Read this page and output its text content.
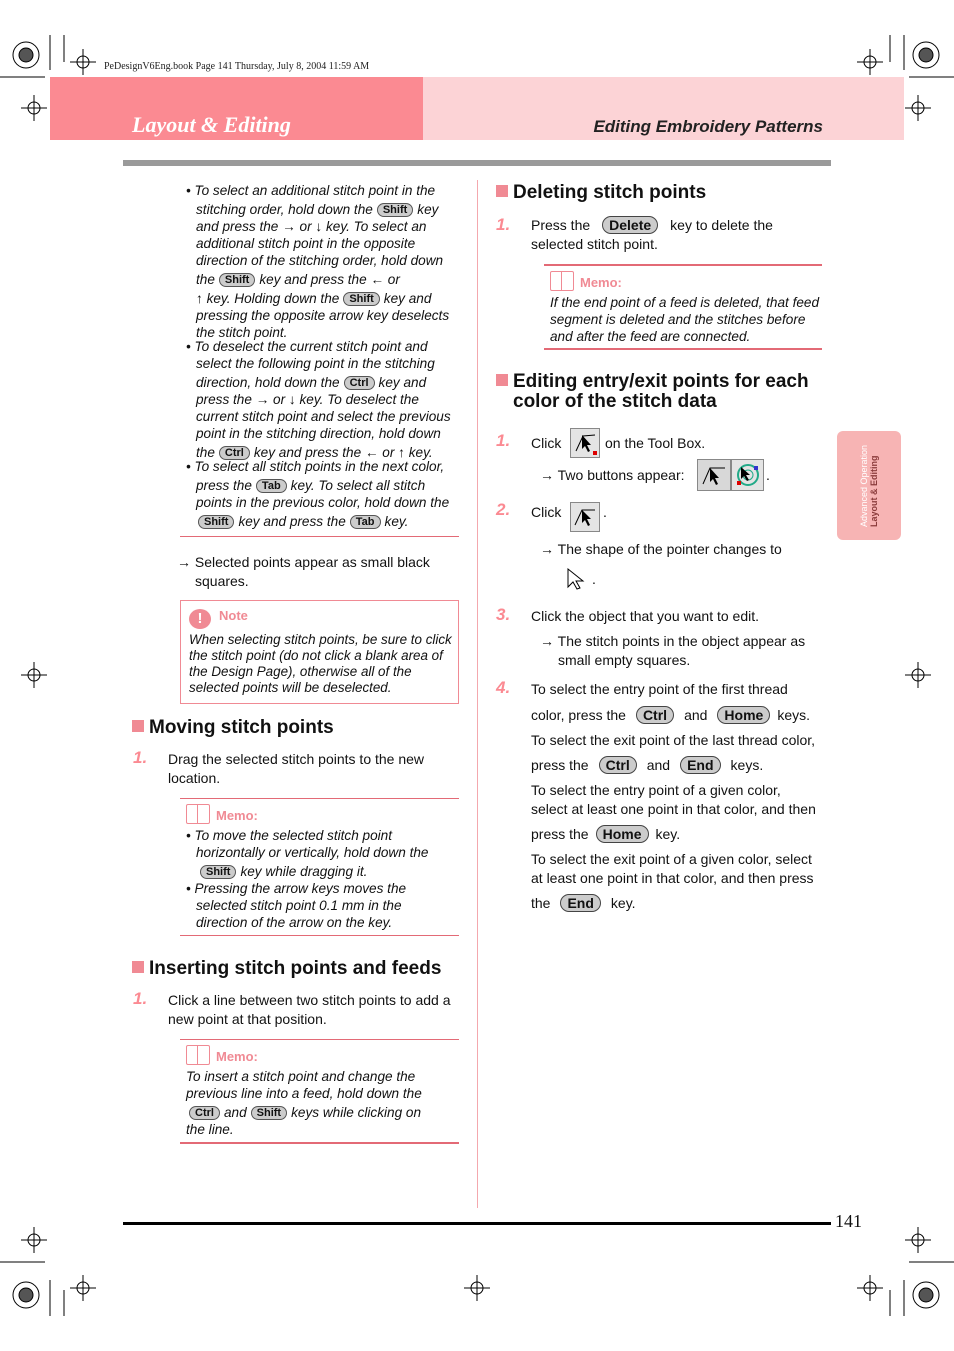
PeDesignV6Eng.book Page 141 Thursday, July 8, 2004 11:59 AM
Layout & Editing	Editing Embroidery Patterns
Advanced Operation
Layout & Editing
• To select an additional stitch point in the
stitching order, hold down the Shift key
and press the → or ↓ key. To select an
additional stitch point in the opposite
direction of the stitching order, hold down
the Shift key and press the ← or
↑ key. Holding down the Shift key and
pressing the opposite arrow key deselects
the stitch point.
• To deselect the current stitch point and
select the following point in the stitching
direction, hold down the Ctrl key and
press the → or ↓ key. To deselect the
current stitch point and select the previous
point in the stitching direction, hold down
the Ctrl key and press the ← or ↑ key.
• To select all stitch points in the next color,
press the Tab key. To select all stitch
points in the previous color, hold down the
Shift key and press the Tab key.
→ Selected points appear as small black
squares.
! Note
When selecting stitch points, be sure to click
the stitch point (do not click a blank area of
the Design Page), otherwise all of the
selected points will be deselected.
Moving stitch points
1. Drag the selected stitch points to the new
location.
Memo:
• To move the selected stitch point
horizontally or vertically, hold down the
Shift key while dragging it.
• Pressing the arrow keys moves the
selected stitch point 0.1 mm in the
direction of the arrow on the key.
Inserting stitch points and feeds
1. Click a line between two stitch points to add a
new point at that position.
Memo:
To insert a stitch point and change the
previous line into a feed, hold down the
Ctrl and Shift keys while clicking on
the line.
Deleting stitch points
1. Press the Delete key to delete the
selected stitch point.
Memo:
If the end point of a feed is deleted, that feed
segment is deleted and the stitches before
and after the feed are connected.
Editing entry/exit points for each
color of the stitch data
1. Click	on the Tool Box.
→ Two buttons appear:	.
2. Click	.
→ The shape of the pointer changes to
.
3. Click the object that you want to edit.
→ The stitch points in the object appear as
small empty squares.
4. To select the entry point of the first thread
color, press the Ctrl and Home keys.
To select the exit point of the last thread color,
press the Ctrl and End keys.
To select the entry point of a given color,
select at least one point in that color, and then
press the Home key.
To select the exit point of a given color, select
at least one point in that color, and then press
the End key.
141
